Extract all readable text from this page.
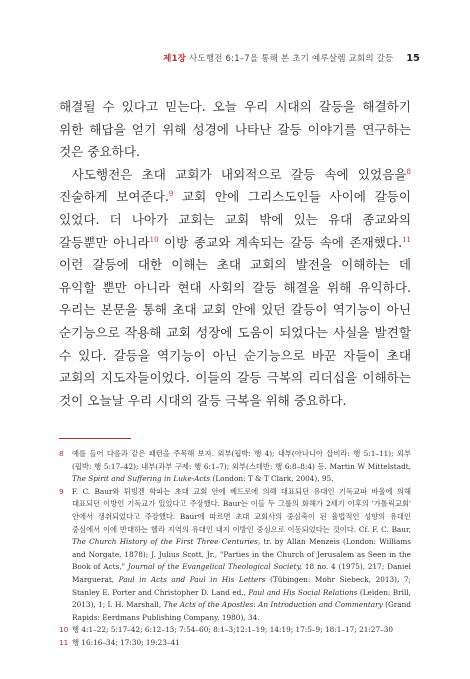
제1장 사도행전 6:1–7을 통해 본 초기 예루살렘 교회의 갈등 15

해결될 수 있다고 믿는다. 오늘 우리 시대의 갈등을 해결하기 위한 해답을 얻기 위해 성경에 나타난 갈등 이야기를 연구하는 것은 중요하다.

사도행전은 초대 교회가 내외적으로 갈등 속에 있었음을$^8$ 진술하게 보여준다.$^9$ 교회 안에 그리스도인들 사이에 갈등이 있었다. 더 나아가 교회는 교회 밖에 있는 유대 종교와의 갈등뿐만 아니라$^{10}$ 이방 종교와 계속되는 갈등 속에 존재했다.$^{11}$ 이런 갈등에 대한 이해는 초대 교회의 발전을 이해하는 데 유익할 뿐만 아니라 현대 사회의 갈등 해결을 위해 유익하다. 우리는 본문을 통해 초대 교회 안에 있던 갈등이 역기능이 아닌 순기능으로 작용해 교회 성장에 도움이 되었다는 사실을 발견할 수 있다. 갈등을 역기능이 아닌 순기능으로 바꾼 자들이 초대 교회의 지도자들이었다. 이들의 갈등 극복의 리더십을 이해하는 것이 오늘날 우리 시대의 갈등 극복을 위해 중요하다.

8 예를 들어 다음과 같은 패턴을 주목해 보자. 외부(핍박: 행 4); 내부(아나니아 삽비라: 행 5:1–11); 외부(핍박: 행 5:17–42); 내부(과부 구제: 행 6:1–7); 외부(스데반: 행 6:8–8:4) 등. Martin W Mittelstadt, The Spirit and Suffering in Luke-Acts (London: T & T Clark, 2004), 95.
9 F. C. Baur와 튀빙겐 학파는 초대 교회 안에 베드로에 의해 대표되던 유대인 기독교파 바울에 의해 대표되던 이방인 기독교가 있었다고 주장했다. Baur는 이들 두 그룹의 화해가 2세기 이후의 '가톨릭교회' 안에서 생취되었다고 주장했다. Baur에 따르면 초대 교회사의 중심축이 된 율법적인 성향의 유대인 중심에서 이에 반대하는 헬라 지역의 유대인 내지 이방인 중심으로 이동되었다는 것이다. Cf. F. C. Baur, The Church History of the First Three Centuries, tr. by Allan Menzeis (London: Williams and Norgate, 1878); J. Julius Scott, Jr., "Parties in the Church of Jerusalem as Seen in the Book of Acts," Journal of the Evangelical Theological Society, 18 no. 4 (1975), 217; Daniel Marguerat, Paul in Acts and Paul in His Letters (Tübingen: Mohr Siebeck, 2013), 7; Stanley E. Porter and Christopher D. Land ed., Paul and His Social Relations (Leiden: Brill, 2013), 1; I. H. Marshall, The Acts of the Apostles: An Introduction and Commentary (Grand Rapids: Eerdmans Publishing Company, 1980), 34.
10 행 4:1–22; 5:17–42; 6:12–13; 7:54–60; 8:1–3;12:1–19; 14:19; 17:5–9; 18:1–17; 21:27–30
11 행 16:16–34; 17:30; 19:23–41
